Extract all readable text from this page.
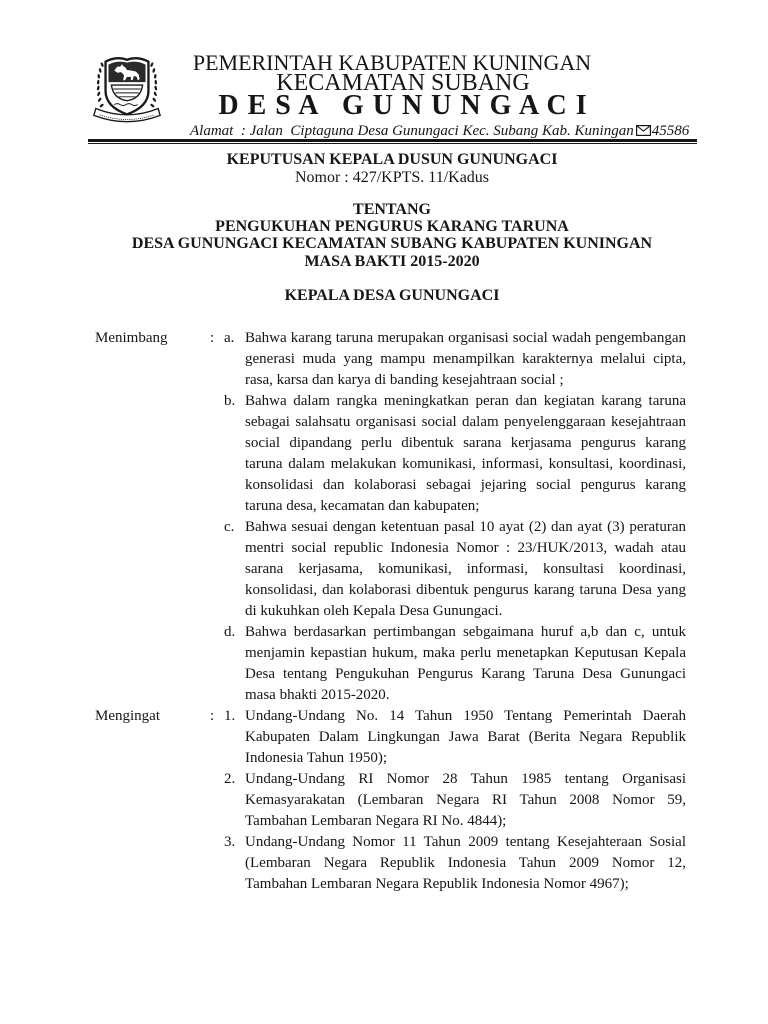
PEMERINTAH KABUPATEN KUNINGAN
KECAMATAN SUBANG
D E S A   G U N U N G A C I
Alamat  : Jalan  Ciptaguna Desa Gunungaci Kec. Subang Kab. Kuningan 45586
KEPUTUSAN KEPALA DUSUN GUNUNGACI
Nomor : 427/KPTS. 11/Kadus
TENTANG
PENGUKUHAN PENGURUS KARANG TARUNA
DESA GUNUNGACI KECAMATAN SUBANG KABUPATEN KUNINGAN
MASA BAKTI 2015-2020
KEPALA DESA GUNUNGACI
Menimbang	: a. Bahwa karang taruna merupakan organisasi social wadah pengembangan
generasi muda yang mampu menampilkan karakternya melalui cipta,
rasa, karsa dan karya di banding kesejahtraan social ;
b. Bahwa dalam rangka meningkatkan peran dan kegiatan karang taruna
sebagai salahsatu organisasi social dalam penyelenggaraan kesejahtraan
social dipandang perlu dibentuk sarana kerjasama pengurus karang
taruna dalam melakukan komunikasi, informasi, konsultasi, koordinasi,
konsolidasi dan kolaborasi sebagai jejaring social pengurus karang
taruna desa, kecamatan dan kabupaten;
c. Bahwa sesuai dengan ketentuan pasal 10 ayat (2) dan ayat (3) peraturan
mentri social republic Indonesia Nomor : 23/HUK/2013, wadah atau
sarana kerjasama, komunikasi, informasi, konsultasi koordinasi,
konsolidasi, dan kolaborasi dibentuk pengurus karang taruna Desa yang
di kukuhkan oleh Kepala Desa Gunungaci.
d. Bahwa berdasarkan pertimbangan sebgaimana huruf a,b dan c, untuk
menjamin kepastian hukum, maka perlu menetapkan Keputusan Kepala
Desa tentang Pengukuhan Pengurus Karang Taruna Desa Gunungaci
masa bhakti 2015-2020.
Mengingat	: 1. Undang-Undang No. 14 Tahun 1950 Tentang Pemerintah Daerah
Kabupaten Dalam Lingkungan Jawa Barat (Berita Negara Republik
Indonesia Tahun 1950);
2. Undang-Undang RI Nomor 28 Tahun 1985 tentang Organisasi
Kemasyarakatan (Lembaran Negara RI Tahun 2008 Nomor 59,
Tambahan Lembaran Negara RI No. 4844);
3. Undang-Undang Nomor 11 Tahun 2009 tentang Kesejahteraan Sosial
(Lembaran Negara Republik Indonesia Tahun 2009 Nomor 12,
Tambahan Lembaran Negara Republik Indonesia Nomor 4967);
